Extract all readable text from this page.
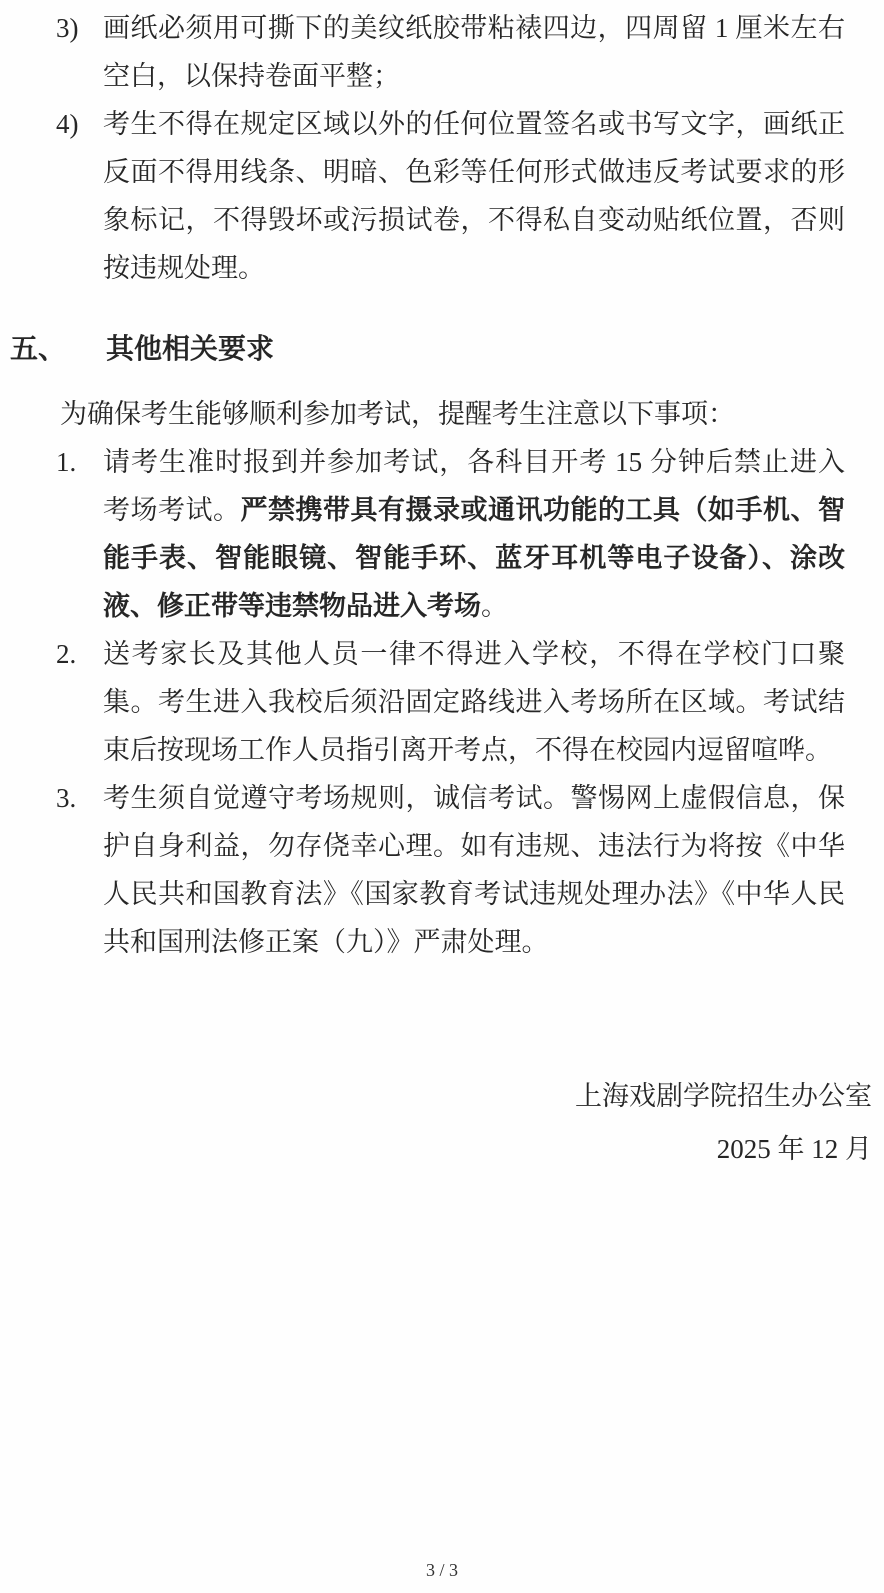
3) 画纸必须用可撕下的美纹纸胶带粘裱四边，四周留 1 厘米左右空白，以保持卷面平整；
4) 考生不得在规定区域以外的任何位置签名或书写文字，画纸正反面不得用线条、明暗、色彩等任何形式做违反考试要求的形象标记，不得毁坏或污损试卷，不得私自变动贴纸位置，否则按违规处理。
五、 其他相关要求
为确保考生能够顺利参加考试，提醒考生注意以下事项：
1. 请考生准时报到并参加考试，各科目开考 15 分钟后禁止进入考场考试。严禁携带具有摄录或通讯功能的工具（如手机、智能手表、智能眼镜、智能手环、蓝牙耳机等电子设备）、涂改液、修正带等违禁物品进入考场。
2. 送考家长及其他人员一律不得进入学校，不得在学校门口聚集。考生进入我校后须沿固定路线进入考场所在区域。考试结束后按现场工作人员指引离开考点，不得在校园内逗留喧哗。
3. 考生须自觉遵守考场规则，诚信考试。警惕网上虚假信息，保护自身利益，勿存侥幸心理。如有违规、违法行为将按《中华人民共和国教育法》《国家教育考试违规处理办法》《中华人民共和国刑法修正案（九）》严肃处理。
上海戏剧学院招生办公室
2025 年 12 月
3 / 3
